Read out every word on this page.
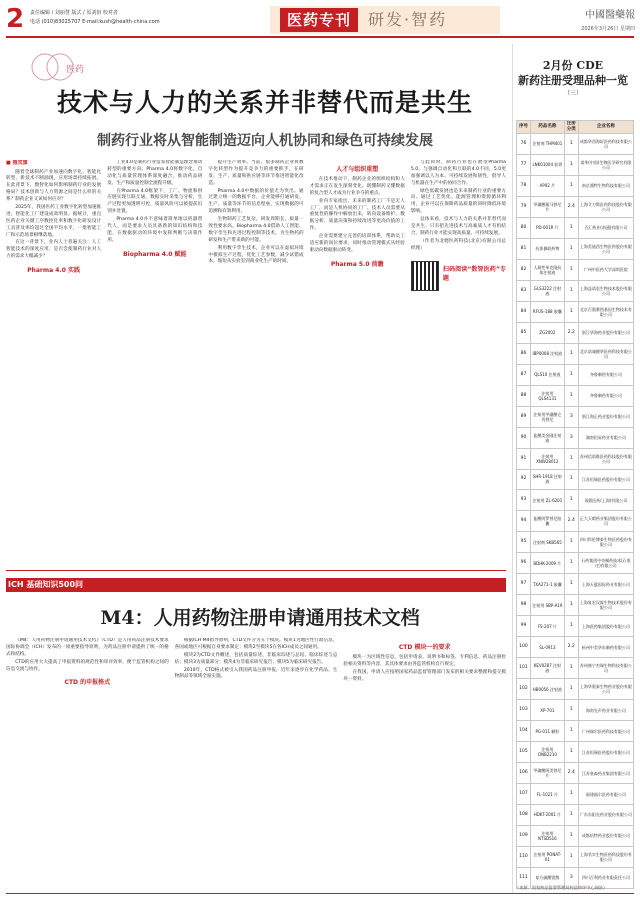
2 责任编辑 / 刘丽慧 版式 / 原刘钥 校对者
电话 (010)83025707 E-mail:kush@health-china.com	医药专刊	研发·智药	中國醫藥報
2026年3月26日 星期四
医药
技术与人力的关系并非替代而是共生
制药行业将从智能制造迈向人机协同和绿色可持续发展
■ 摄宾旗

随着全球制药产业加速向数字化、智能化转型，新技术不断涌现，应用场景持续拓展。在此背景下，数智化如何影响制药行业的发展格局？技术创新与人力资源之间是什么样的关系？制药企业又该如何应对？

2025年，我国医药工业数字化转型加速推进，智能化工厂建设成效明显。据统计，重点医药企业关键工序数控化率和数字化研发设计工具普及率均超过全国平均水平，一批智能工厂和示范场景相继落地。

在这一背景下，业内人士普遍关注：人工智能技术的深度应用，是否会使制药行业对人力的需求大幅减少？

Pharma 4.0 实践

工业4.0是制药行业借鉴智能制造理念推动转型的重要方向。Pharma 4.0将数字化、自动化与质量管理体系深度融合，推动药品研发、生产和质量控制全流程升级。

在Pharma 4.0框架下，工厂、物流和供应链实现互联互通，数据实时采集与分析，生产过程更加透明可控，质量风险可以被提前识别并处置。

Pharma 4.0并不意味着简单地以机器替代人，而是要求人员具备新的知识结构和技能，在数据驱动的环境中发挥判断与决策作用。

Biopharma 4.0 赋能

提升生产效率。当前，很多制药企业将数字化转型作为提升竞争力的重要抓手，在研发、生产、质量和供应链等环节推进智能化改造。

Pharma 4.0中数据的价值尤为突出。通过建立统一的数据平台，企业能够打通研发、生产、质量等环节的信息壁垒，实现数据的可追溯和有效利用。

生物制药工艺复杂，研发周期长，质量一致性要求高。Biopharma 4.0借助人工智能、数字孪生和先进过程控制等技术，为生物药的研发和生产带来新的可能。

利用数字孪生技术，企业可以在虚拟环境中模拟生产过程，优化工艺参数，减少试错成本，缩短从实验室到商业化生产的时间。

人才与组织重塑

在技术推动下，制药企业的组织结构和人才需求正在发生深刻变化。既懂制药又懂数据的复合型人才成为行业争夺的重点。

业内专家指出，未来的制药工厂不是无人工厂，而是人机协同的工厂。技术人员需要从重复性的操作中解放出来，转向设备维护、数据分析、质量决策和持续改进等更高价值的工作。

企业需要建立完善的培训体系，帮助员工适应新的岗位要求，同时推动管理模式从经验驱动向数据驱动转变。

Pharma 5.0 前瞻

与此同时，制药行业也在展望Pharma 5.0。与强调自动化和互联的4.0不同，5.0更加强调以人为本、可持续发展和韧性，倡导人与机器在生产中的协同合作。

绿色低碳发展也是未来制药行业的重要方向。通过工艺优化、能源管理和资源循环利用，企业可以在保障药品质量的同时降低环境影响。

总体来看，技术与人力的关系并非替代而是共生。只有把先进技术与高素质人才有机结合，制药行业才能实现高质量、可持续发展。

（作者为北德医药科技(北京)有限公司总经理）

扫码阅读“数智医药”专题
ICH 基础知识500问
M4：人用药物注册申请通用技术文档

《M4：人用药物注册申请通用技术文档》（CTD）是人用药品注册技术要求国际协调会（ICH）发布的一项重要指导原则，为药品注册申请提供了统一的格式和结构。

CTD的应用大大提高了申报资料的规范性和审评效率，便于监管机构之间的信息交流与协作。

CTD 的申报格式

根据ICH M4指导原则，CTD文件分为五个模块。模块1为地区性行政信息，各国或地区可根据自身要求制定；模块2至模块5在各ICH成员之间通用。

模块2为CTD文件概述，包括质量综述、非临床综述与总结、临床综述与总结；模块3为质量部分；模块4为非临床研究报告；模块5为临床研究报告。

2010年，CTD格式被引入我国药品注册申报，近年来逐步在化学药品、生物制品等领域全面实施。

CTD 模块一的要求

模块一为区域性信息，包括申请表、说明书和标签、专利信息、药品注册检验相关资料等内容，其具体要求由各监管机构自行规定。

在我国，申请人应按照国家药品监督管理部门发布的相关要求整理和提交模块一资料。

2月份 CDE
新药注册受理品种一览
（三）
序号	药品名称	注册分类	企业名称
76	注射剂 THM401	1	成都华西海圻医药科技有限公司
77	LNK01004 软膏	1	诺华(中国)生物医学研究有限公司
78	AP02 片	1	南京澳特生物科技有限公司
79	甲磺酸氟马替尼片	2.4	上海艾力斯医药科技股份有限公司
80	PD-001R 片	1	百汇药业(南通)有限公司
81	抗体偶联药物	1	上海美迪西生物医药股份有限公司
82	人源性单克隆抗体注射液	1	广州中医药大学深圳医院
83	GLS3222 注射液	1	上海益诺思生物技术股份有限公司
84	RFUS-188 胶囊	1	北京百奥赛图基因生物技术有限公司
85	ZG2002	2.2	浙江华海药业股份有限公司
86	IBP0008 注射液	1	北京诺诚健华医药科技有限公司
87	QLS10 注射液	1	齐鲁制药有限公司
88	注射用 QLS4131	1	齐鲁制药有限公司
89	注射用甲磺酸仑伐替尼	3	浙江海正药业股份有限公司
90	盐酸美金刚注射液	3	湖南恒昇药业有限公司
91	注射用 XNW28012	1	苏州信诺维医药科技股份有限公司
92	SHR-1918 注射液	1	江苏恒瑞医药股份有限公司
93	注射用 ZL-6201	1	再鼎医药(上海)有限公司
94	盐酸阿罗替尼胶囊	2.4	正大天晴药业集团股份有限公司
95	注射剂 SKB565	1	四川科伦博泰生物医药股份有限公司
96	BDHK-2009 片	1	石药集团中奇制药技术(石家庄)有限公司
97	TXA271-1 胶囊	1	上海天慈国际药业有限公司
98	注射用 SBP-A19	1	上海复宏汉霖生物技术股份有限公司
99	FS-207 片	1	上海医药集团股份有限公司
100	SL-0913	2.2	杭州中美华东制药有限公司
101	KEV0287 注射液	1	苏州康宁杰瑞生物科技有限公司
102	HB0056 注射液	1	上海华奥泰生物药业股份有限公司
103	XP-701	1	海南先声药业有限公司
104	PG-011 颗粒	1	广州瑞尔医药科技有限公司
105	注射用 ONB2210	1	江苏恒瑞医药股份有限公司
106	甲磺酸阿美替尼片	2.4	江苏豪森药业集团有限公司
107	FL-1021 片	1	福建福尔医药有限公司
108	HDKT-2001 片	1	广东东阳光药业股份有限公司
109	注射用 NTSD516	1	成都倍特药业股份有限公司
110	注射用 PONAT-01	1	上海君实生物医药科技股份有限公司
111	复方硫酸镁散	3	四川百利药业有限责任公司
（来源：国家药品监督管理局药品审评中心网站）
